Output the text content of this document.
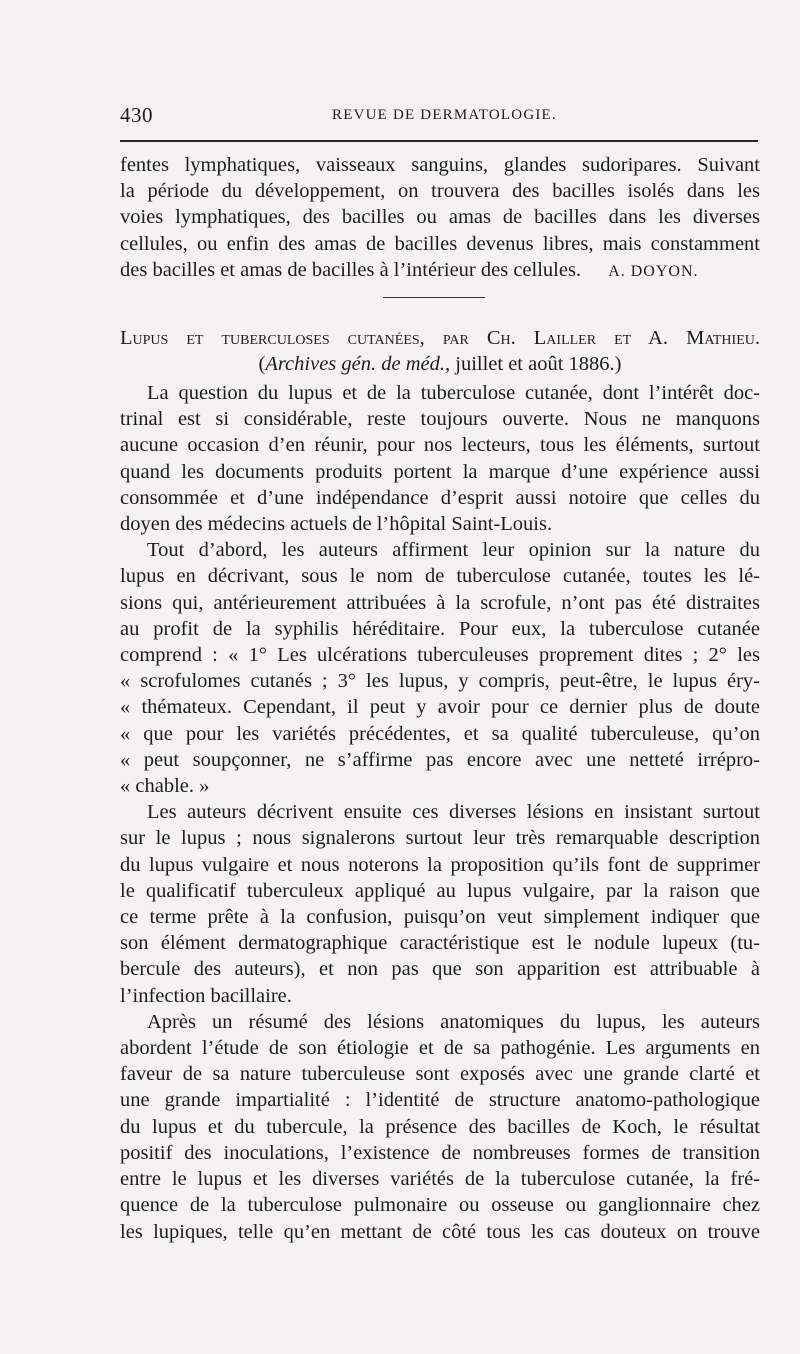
430	REVUE DE DERMATOLOGIE.
fentes lymphatiques, vaisseaux sanguins, glandes sudoripares. Suivant
la période du développement, on trouvera des bacilles isolés dans les
voies lymphatiques, des bacilles ou amas de bacilles dans les diverses
cellules, ou enfin des amas de bacilles devenus libres, mais constamment
des bacilles et amas de bacilles à l’intérieur des cellules. A. DOYON.
Lupus et tuberculoses cutanées, par Ch. Lailler et A. Mathieu.
(Archives gén. de méd., juillet et août 1886.)
La question du lupus et de la tuberculose cutanée, dont l’intérêt doc-
trinal est si considérable, reste toujours ouverte. Nous ne manquons
aucune occasion d’en réunir, pour nos lecteurs, tous les éléments, surtout
quand les documents produits portent la marque d’une expérience aussi
consommée et d’une indépendance d’esprit aussi notoire que celles du
doyen des médecins actuels de l’hôpital Saint-Louis.
Tout d’abord, les auteurs affirment leur opinion sur la nature du
lupus en décrivant, sous le nom de tuberculose cutanée, toutes les lé-
sions qui, antérieurement attribuées à la scrofule, n’ont pas été distraites
au profit de la syphilis héréditaire. Pour eux, la tuberculose cutanée
comprend : « 1° Les ulcérations tuberculeuses proprement dites ; 2° les
« scrofulomes cutanés ; 3° les lupus, y compris, peut-être, le lupus éry-
« thémateux. Cependant, il peut y avoir pour ce dernier plus de doute
« que pour les variétés précédentes, et sa qualité tuberculeuse, qu’on
« peut soupçonner, ne s’affirme pas encore avec une netteté irrépro-
« chable. »
Les auteurs décrivent ensuite ces diverses lésions en insistant surtout
sur le lupus ; nous signalerons surtout leur très remarquable description
du lupus vulgaire et nous noterons la proposition qu’ils font de supprimer
le qualificatif tuberculeux appliqué au lupus vulgaire, par la raison que
ce terme prête à la confusion, puisqu’on veut simplement indiquer que
son élément dermatographique caractéristique est le nodule lupeux (tu-
bercule des auteurs), et non pas que son apparition est attribuable à
l’infection bacillaire.
Après un résumé des lésions anatomiques du lupus, les auteurs
abordent l’étude de son étiologie et de sa pathogénie. Les arguments en
faveur de sa nature tuberculeuse sont exposés avec une grande clarté et
une grande impartialité : l’identité de structure anatomo-pathologique
du lupus et du tubercule, la présence des bacilles de Koch, le résultat
positif des inoculations, l’existence de nombreuses formes de transition
entre le lupus et les diverses variétés de la tuberculose cutanée, la fré-
quence de la tuberculose pulmonaire ou osseuse ou ganglionnaire chez
les lupiques, telle qu’en mettant de côté tous les cas douteux on trouve
